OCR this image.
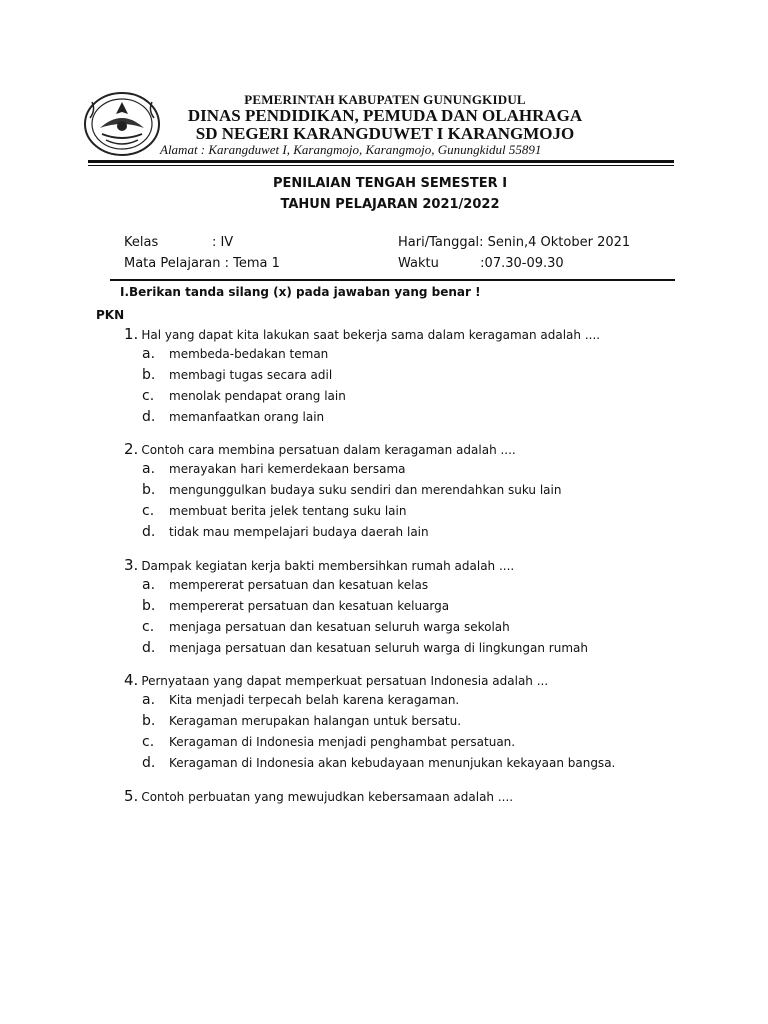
PEMERINTAH KABUPATEN GUNUNGKIDUL
DINAS PENDIDIKAN, PEMUDA DAN OLAHRAGA
SD NEGERI KARANGDUWET I KARANGMOJO
Alamat : Karangduwet I, Karangmojo, Karangmojo, Gunungkidul 55891
PENILAIAN TENGAH SEMESTER I
TAHUN PELAJARAN 2021/2022
Kelas             : IV
Mata Pelajaran : Tema 1
Hari/Tanggal: Senin,4 Oktober 2021
Waktu          :07.30-09.30
I.Berikan tanda silang (x) pada jawaban yang benar !
PKN
1. Hal yang dapat kita lakukan saat bekerja sama dalam keragaman adalah ....
a. membeda-bedakan teman
b. membagi tugas secara adil
c. menolak pendapat orang lain
d. memanfaatkan orang lain
2. Contoh cara membina persatuan dalam keragaman adalah ....
a. merayakan hari kemerdekaan bersama
b. mengunggulkan budaya suku sendiri dan merendahkan suku lain
c. membuat berita jelek tentang suku lain
d. tidak mau mempelajari budaya daerah lain
3. Dampak kegiatan kerja bakti membersihkan rumah adalah ....
a. mempererat persatuan dan kesatuan kelas
b. mempererat persatuan dan kesatuan keluarga
c. menjaga persatuan dan kesatuan seluruh warga sekolah
d. menjaga persatuan dan kesatuan seluruh warga di lingkungan rumah
4. Pernyataan yang dapat memperkuat persatuan Indonesia adalah ...
a. Kita menjadi terpecah belah karena keragaman.
b. Keragaman merupakan halangan untuk bersatu.
c. Keragaman di Indonesia menjadi penghambat persatuan.
d. Keragaman di Indonesia akan kebudayaan menunjukan kekayaan bangsa.
5. Contoh perbuatan yang mewujudkan kebersamaan adalah ....
